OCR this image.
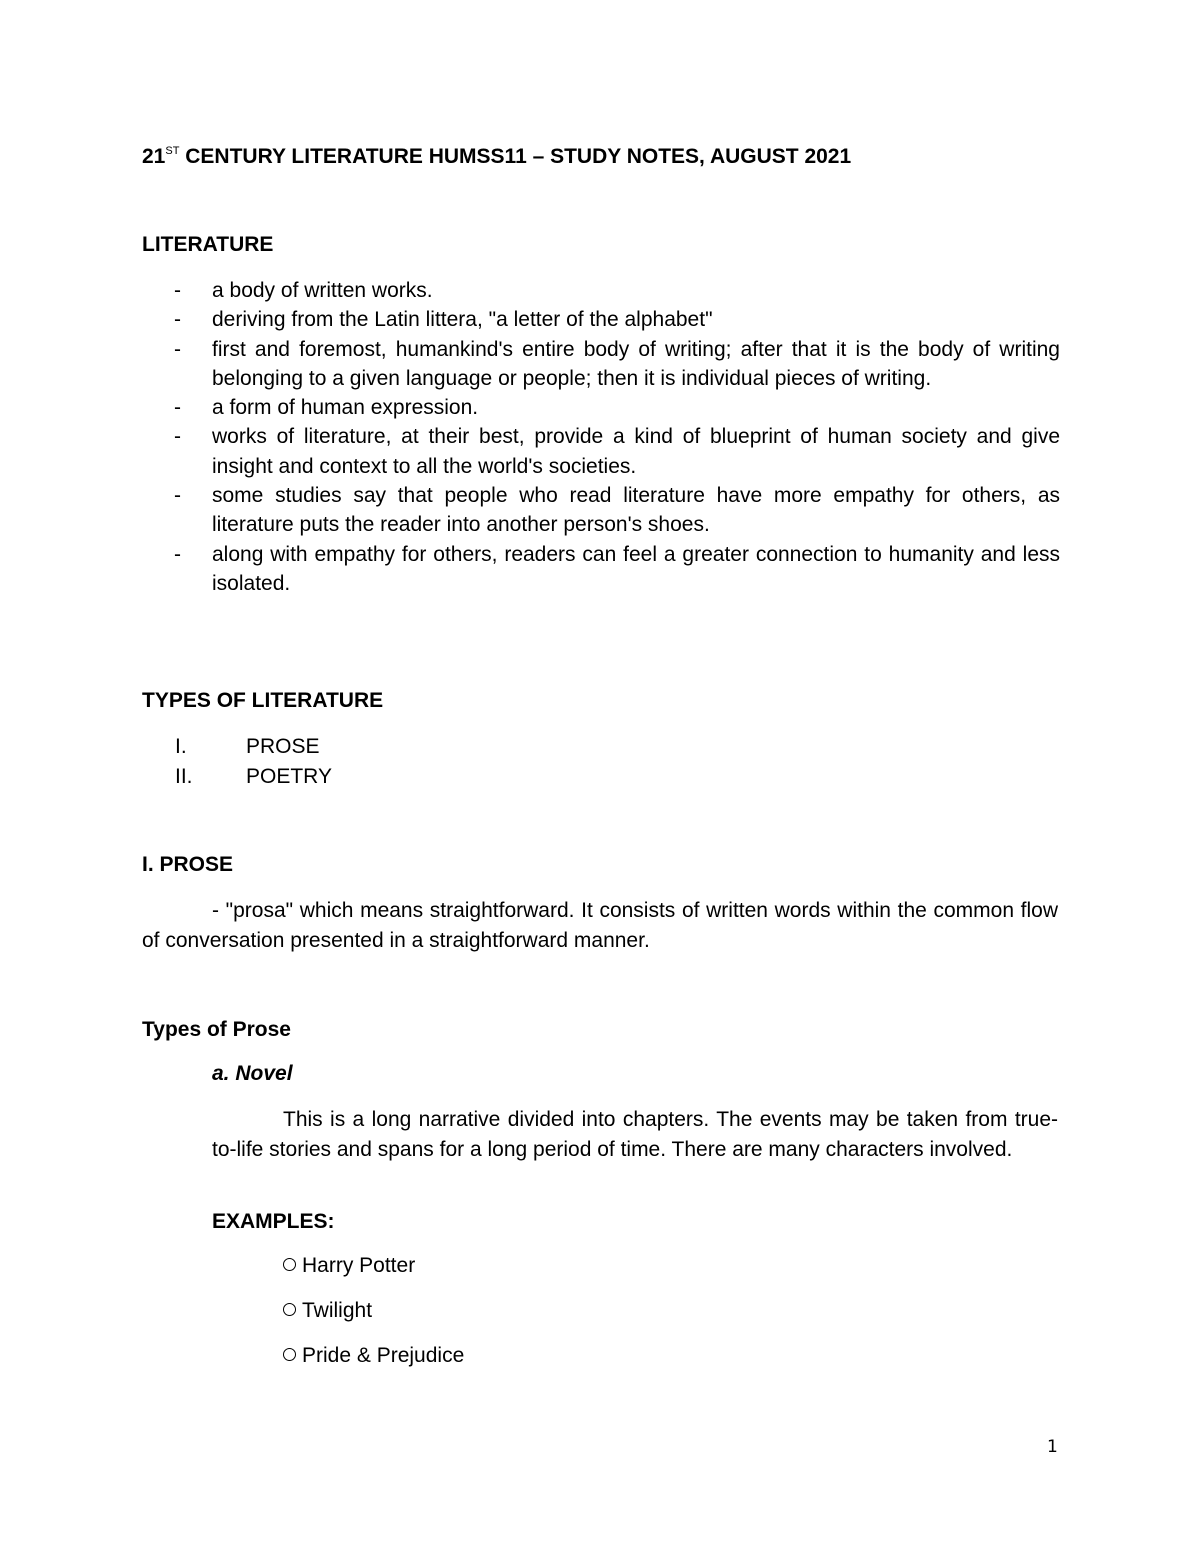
21ST CENTURY LITERATURE HUMSS11 – STUDY NOTES, AUGUST 2021

LITERATURE

- a body of written works.
- deriving from the Latin littera, "a letter of the alphabet"
- first and foremost, humankind's entire body of writing; after that it is the body of writing belonging to a given language or people; then it is individual pieces of writing.
- a form of human expression.
- works of literature, at their best, provide a kind of blueprint of human society and give insight and context to all the world's societies.
- some studies say that people who read literature have more empathy for others, as literature puts the reader into another person's shoes.
- along with empathy for others, readers can feel a greater connection to humanity and less isolated.

TYPES OF LITERATURE

I.	PROSE
II.	POETRY

I. PROSE

- "prosa" which means straightforward. It consists of written words within the common flow of conversation presented in a straightforward manner.

Types of Prose

a. Novel

This is a long narrative divided into chapters. The events may be taken from true-to-life stories and spans for a long period of time. There are many characters involved.

EXAMPLES:

Harry Potter

Twilight

Pride & Prejudice

1
